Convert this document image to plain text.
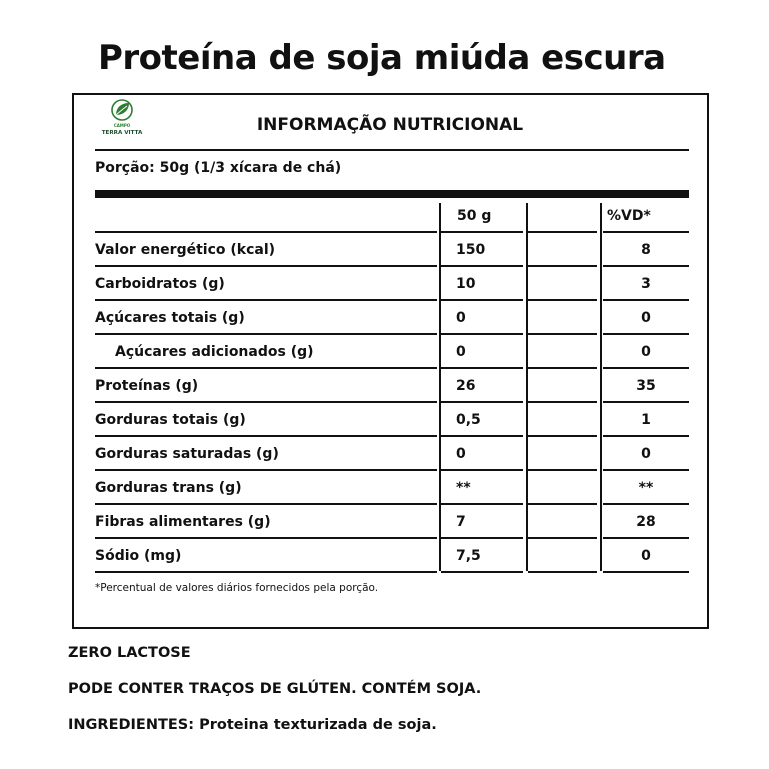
Proteína de soja miúda escura
CAMPO
TERRA VITTA	INFORMAÇÃO NUTRICIONAL
Porção: 50g (1/3 xícara de chá)
50 g	%VD*
Valor energético (kcal)	150	8
Carboidratos (g)	10	3
Açúcares totais (g)	0	0
Açúcares adicionados (g)	0	0
Proteínas (g)	26	35
Gorduras totais (g)	0,5	1
Gorduras saturadas (g)	0	0
Gorduras trans (g)	**	**
Fibras alimentares (g)	7	28
Sódio (mg)	7,5	0
*Percentual de valores diários fornecidos pela porção.
ZERO LACTOSE
PODE CONTER TRAÇOS DE GLÚTEN. CONTÉM SOJA.
INGREDIENTES: Proteina texturizada de soja.
